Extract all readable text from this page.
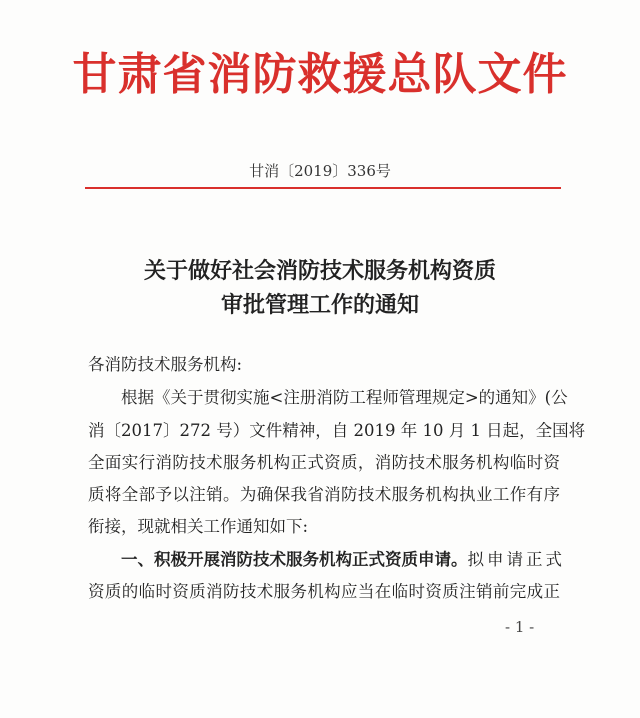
甘肃省消防救援总队文件
甘消〔2019〕336号
关于做好社会消防技术服务机构资质
审批管理工作的通知
各消防技术服务机构:
根据《关于贯彻实施<注册消防工程师管理规定>的通知》(公
消〔2017〕272 号）文件精神，自 2019 年 10 月 1 日起，全国将
全面实行消防技术服务机构正式资质，消防技术服务机构临时资
质将全部予以注销。为确保我省消防技术服务机构执业工作有序
衔接，现就相关工作通知如下:
一、积极开展消防技术服务机构正式资质申请。 拟申请正式
资质的临时资质消防技术服务机构应当在临时资质注销前完成正
- 1 -
